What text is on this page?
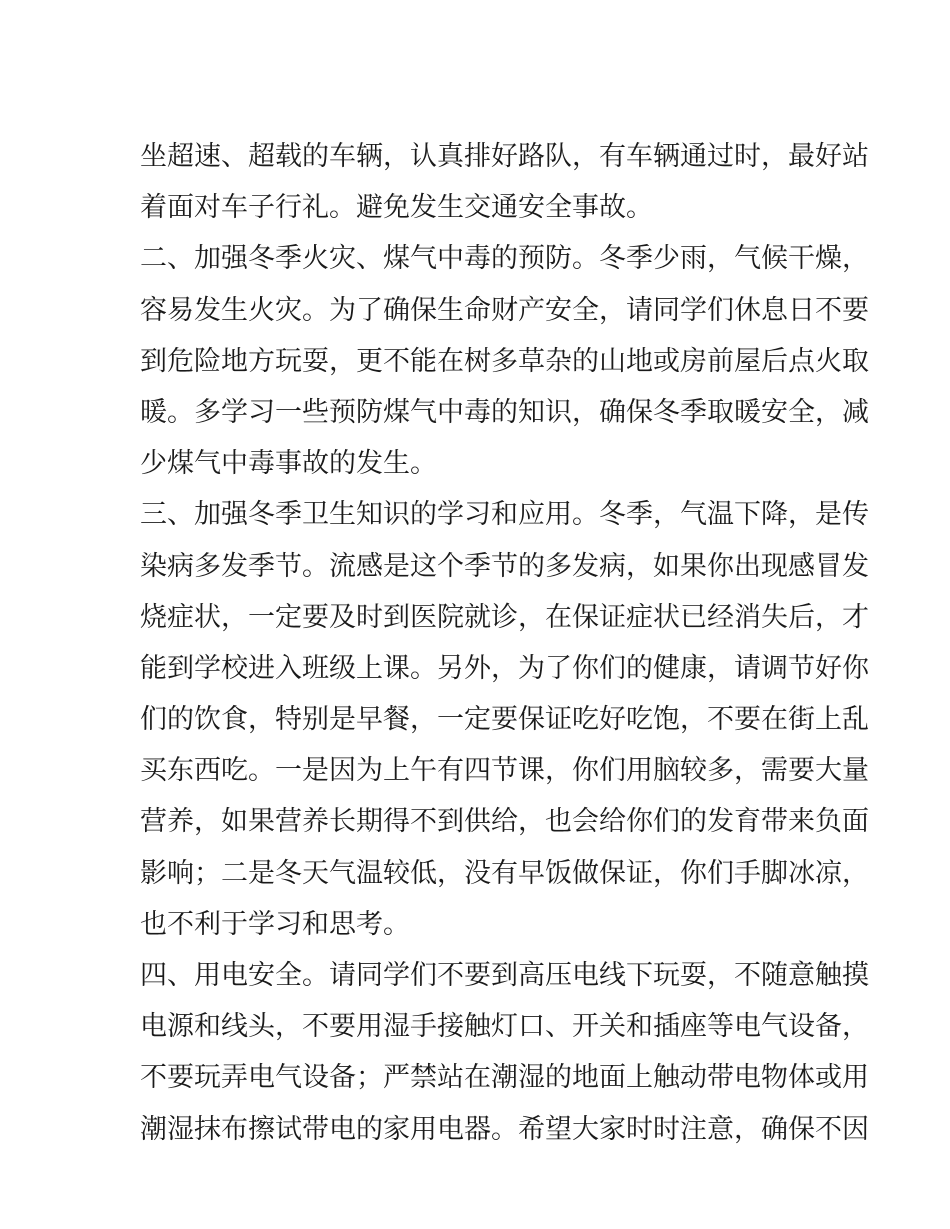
坐超速、超载的车辆，认真排好路队，有车辆通过时，最好站
着面对车子行礼。避免发生交通安全事故。
二、加强冬季火灾、煤气中毒的预防。冬季少雨，气候干燥，
容易发生火灾。为了确保生命财产安全，请同学们休息日不要
到危险地方玩耍，更不能在树多草杂的山地或房前屋后点火取
暖。多学习一些预防煤气中毒的知识，确保冬季取暖安全，减
少煤气中毒事故的发生。
三、加强冬季卫生知识的学习和应用。冬季，气温下降，是传
染病多发季节。流感是这个季节的多发病，如果你出现感冒发
烧症状，一定要及时到医院就诊，在保证症状已经消失后，才
能到学校进入班级上课。另外，为了你们的健康，请调节好你
们的饮食，特别是早餐，一定要保证吃好吃饱，不要在街上乱
买东西吃。一是因为上午有四节课，你们用脑较多，需要大量
营养，如果营养长期得不到供给，也会给你们的发育带来负面
影响；二是冬天气温较低，没有早饭做保证，你们手脚冰凉，
也不利于学习和思考。
四、用电安全。请同学们不要到高压电线下玩耍，不随意触摸
电源和线头，不要用湿手接触灯口、开关和插座等电气设备，
不要玩弄电气设备；严禁站在潮湿的地面上触动带电物体或用
潮湿抹布擦试带电的家用电器。希望大家时时注意，确保不因
